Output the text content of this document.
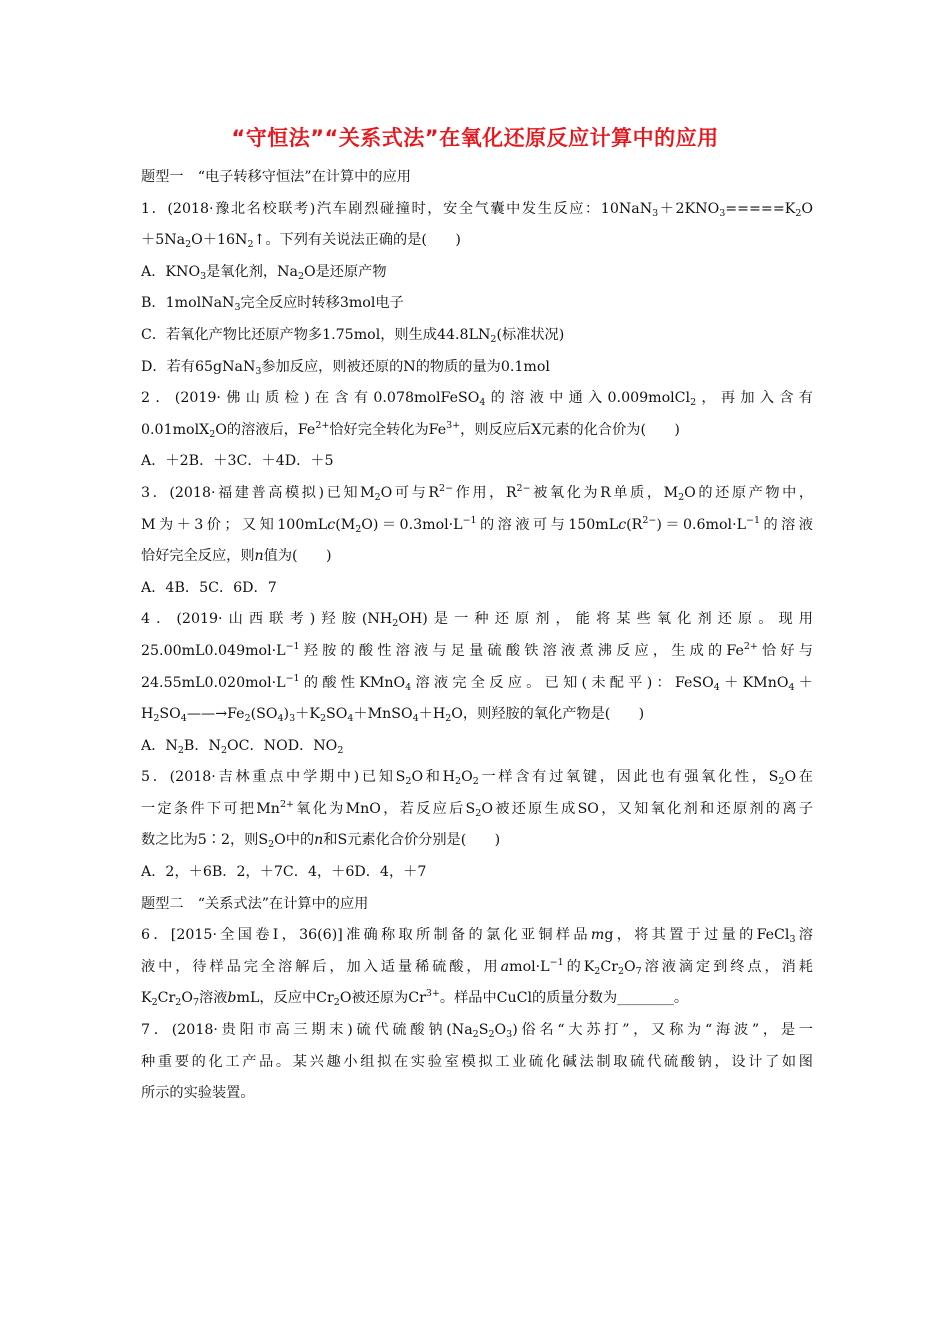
“守恒法”“关系式法”在氧化还原反应计算中的应用
题型一　“电子转移守恒法”在计算中的应用
1．(2018·豫北名校联考)汽车剧烈碰撞时，安全气囊中发生反应：$10NaN_3+2KNO_3=====K_2O$
$+5Na_2O+16N_2↑$。下列有关说法正确的是(　　)
A．$KNO_3$是氧化剂，$Na_2O$是还原产物
B．1molNaN$_3$完全反应时转移3mol电子
C．若氧化产物比还原产物多1.75mol，则生成$44.8LN_2$(标准状况)
D．若有65gNaN$_3$参加反应，则被还原的N的物质的量为0.1mol
2．(2019·佛山质检)在含有0.078molFeSO$_4$的溶液中通入0.009molCl$_2$，再加入含有
0.01molX$_2$O的溶液后，$Fe^{2+}$恰好完全转化为$Fe^{3+}$，则反应后X元素的化合价为(　　)
A．＋2B．＋3C．＋4D．＋5
3．(2018·福建普高模拟)已知$M_2O$可与$R^{2-}$作用，$R^{2-}$被氧化为R单质，$M_2O$的还原产物中，
M为＋3价；又知$100mLc(M_2O)=0.3mol\cdot L^{-1}$的溶液可与$150mLc(R^{2-})=0.6mol\cdot L^{-1}$的溶液
恰好完全反应，则n值为(　　)
A．4B．5C．6D．7
4．(2019·山西联考)羟胺$(NH_2OH)$是一种还原剂，能将某些氧化剂还原。现用
$25.00mL0.049mol\cdot L^{-1}$羟胺的酸性溶液与足量硫酸铁溶液煮沸反应，生成的$Fe^{2+}$恰好与
$24.55mL0.020mol\cdot L^{-1}$的酸性KMnO$_4$溶液完全反应。已知(未配平)：FeSO$_4$＋KMnO$_4$＋
$H_2SO_4——\to Fe_2(SO_4)_3+K_2SO_4+MnSO_4+H_2O$，则羟胺的氧化产物是(　　)
A．$N_2B$．$N_2OC$．NOD．$NO_2$
5．(2018·吉林重点中学期中)已知$S_2O$和$H_2O_2$一样含有过氧键，因此也有强氧化性，$S_2O$在
一定条件下可把$Mn^{2+}$氧化为MnO，若反应后$S_2O$被还原生成SO，又知氧化剂和还原剂的离子
数之比为5∶2，则$S_2O$中的n和S元素化合价分别是(　　)
A．2，＋6B．2，＋7C．4，＋6D．4，＋7
题型二　“关系式法”在计算中的应用
6．[2015·全国卷Ⅰ，36(6)]准确称取所制备的氯化亚铜样品mg，将其置于过量的FeCl$_3$溶
液中，待样品完全溶解后，加入适量稀硫酸，用$amol\cdot L^{-1}$的$K_2Cr_2O_7$溶液滴定到终点，消耗
$K_2Cr_2O_7$溶液bmL，反应中$Cr_2O$被还原为$Cr^{3+}$。样品中CuCl的质量分数为________。
7．(2018·贵阳市高三期末)硫代硫酸钠$(Na_2S_2O_3)$俗名“大苏打”，又称为“海波”，是一
种重要的化工产品。某兴趣小组拟在实验室模拟工业硫化碱法制取硫代硫酸钠，设计了如图
所示的实验装置。
